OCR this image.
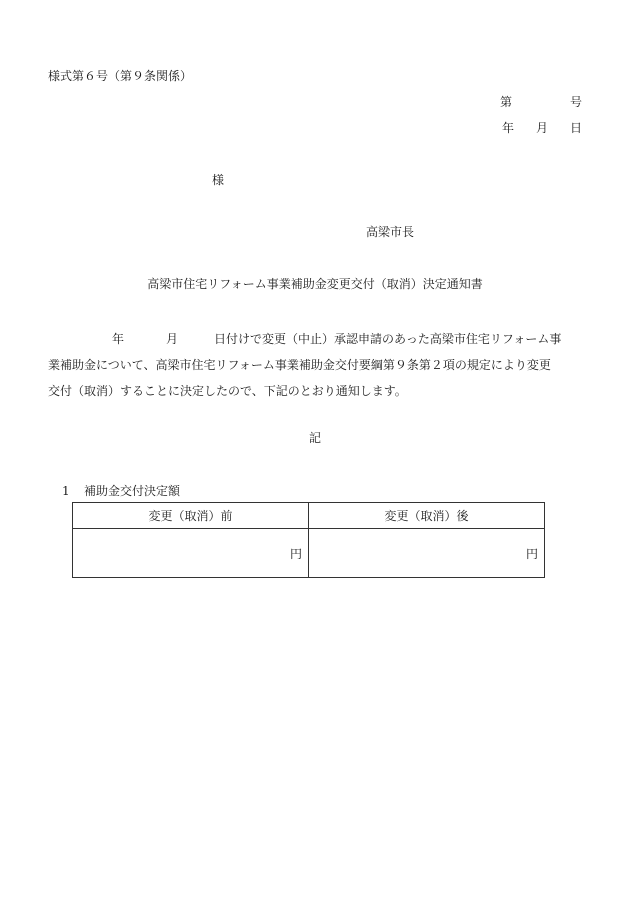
様式第６号（第９条関係）
第	号
年 月 日
様
高梁市長
高梁市住宅リフォーム事業補助金変更交付（取消）決定通知書
年	月	日付けで変更（中止）承認申請のあった高梁市住宅リフォーム事
業補助金について、高梁市住宅リフォーム事業補助金交付要綱第９条第２項の規定により変更
交付（取消）することに決定したので、下記のとおり通知します。
記
1 補助金交付決定額
変更（取消）前	変更（取消）後
円	円
